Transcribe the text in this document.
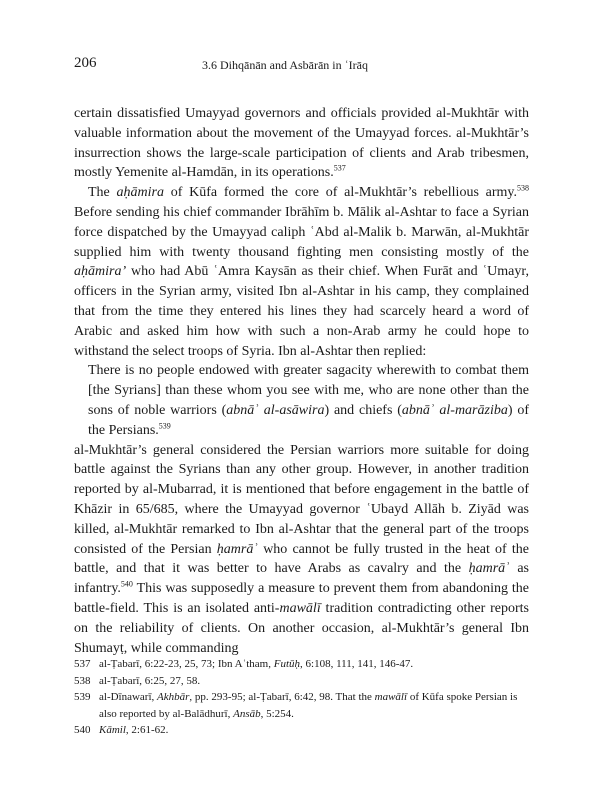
206	3.6 Dihqānān and Asbārān in ʿIrāq

certain dissatisfied Umayyad governors and officials provided al-Mukhtār with valuable information about the movement of the Umayyad forces. al-Mukhtār’s insurrection shows the large-scale participation of clients and Arab tribesmen, mostly Yemenite al-Hamdān, in its operations.$^{537}$

The aḥāmira of Kūfa formed the core of al-Mukhtār’s rebellious army.$^{538}$ Before sending his chief commander Ibrāhīm b. Mālik al-Ashtar to face a Syrian force dispatched by the Umayyad caliph ʿAbd al-Malik b. Marwān, al-Mukhtār supplied him with twenty thousand fighting men consisting mostly of the aḥāmira’ who had Abū ʿAmra Kaysān as their chief. When Furāt and ʿUmayr, officers in the Syrian army, visited Ibn al-Ashtar in his camp, they complained that from the time they entered his lines they had scarcely heard a word of Arabic and asked him how with such a non-Arab army he could hope to withstand the select troops of Syria. Ibn al-Ashtar then replied:

There is no people endowed with greater sagacity wherewith to combat them [the Syrians] than these whom you see with me, who are none other than the sons of noble warriors (abnāʾ al-asāwira) and chiefs (abnāʾ al-marāziba) of the Persians.$^{539}$

al-Mukhtār’s general considered the Persian warriors more suitable for doing battle against the Syrians than any other group. However, in another tradition reported by al-Mubarrad, it is mentioned that before engagement in the battle of Khāzir in 65/685, where the Umayyad governor ʿUbayd Allāh b. Ziyād was killed, al-Mukhtār remarked to Ibn al-Ashtar that the general part of the troops consisted of the Persian ḥamrāʾ who cannot be fully trusted in the heat of the battle, and that it was better to have Arabs as cavalry and the ḥamrāʾ as infantry.$^{540}$ This was supposedly a measure to prevent them from abandoning the battle-field. This is an isolated anti-mawālī tradition contradicting other reports on the reliability of clients. On another occasion, al-Mukhtār’s general Ibn Shumayṭ, while commanding

537 al-Ṭabarī, 6:22-23, 25, 73; Ibn Aʿtham, Futūḥ, 6:108, 111, 141, 146-47.
538 al-Ṭabarī, 6:25, 27, 58.
539 al-Dīnawarī, Akhbār, pp. 293-95; al-Ṭabarī, 6:42, 98. That the mawālī of Kūfa spoke Persian is also reported by al-Balādhurī, Ansāb, 5:254.
540 Kāmil, 2:61-62.
